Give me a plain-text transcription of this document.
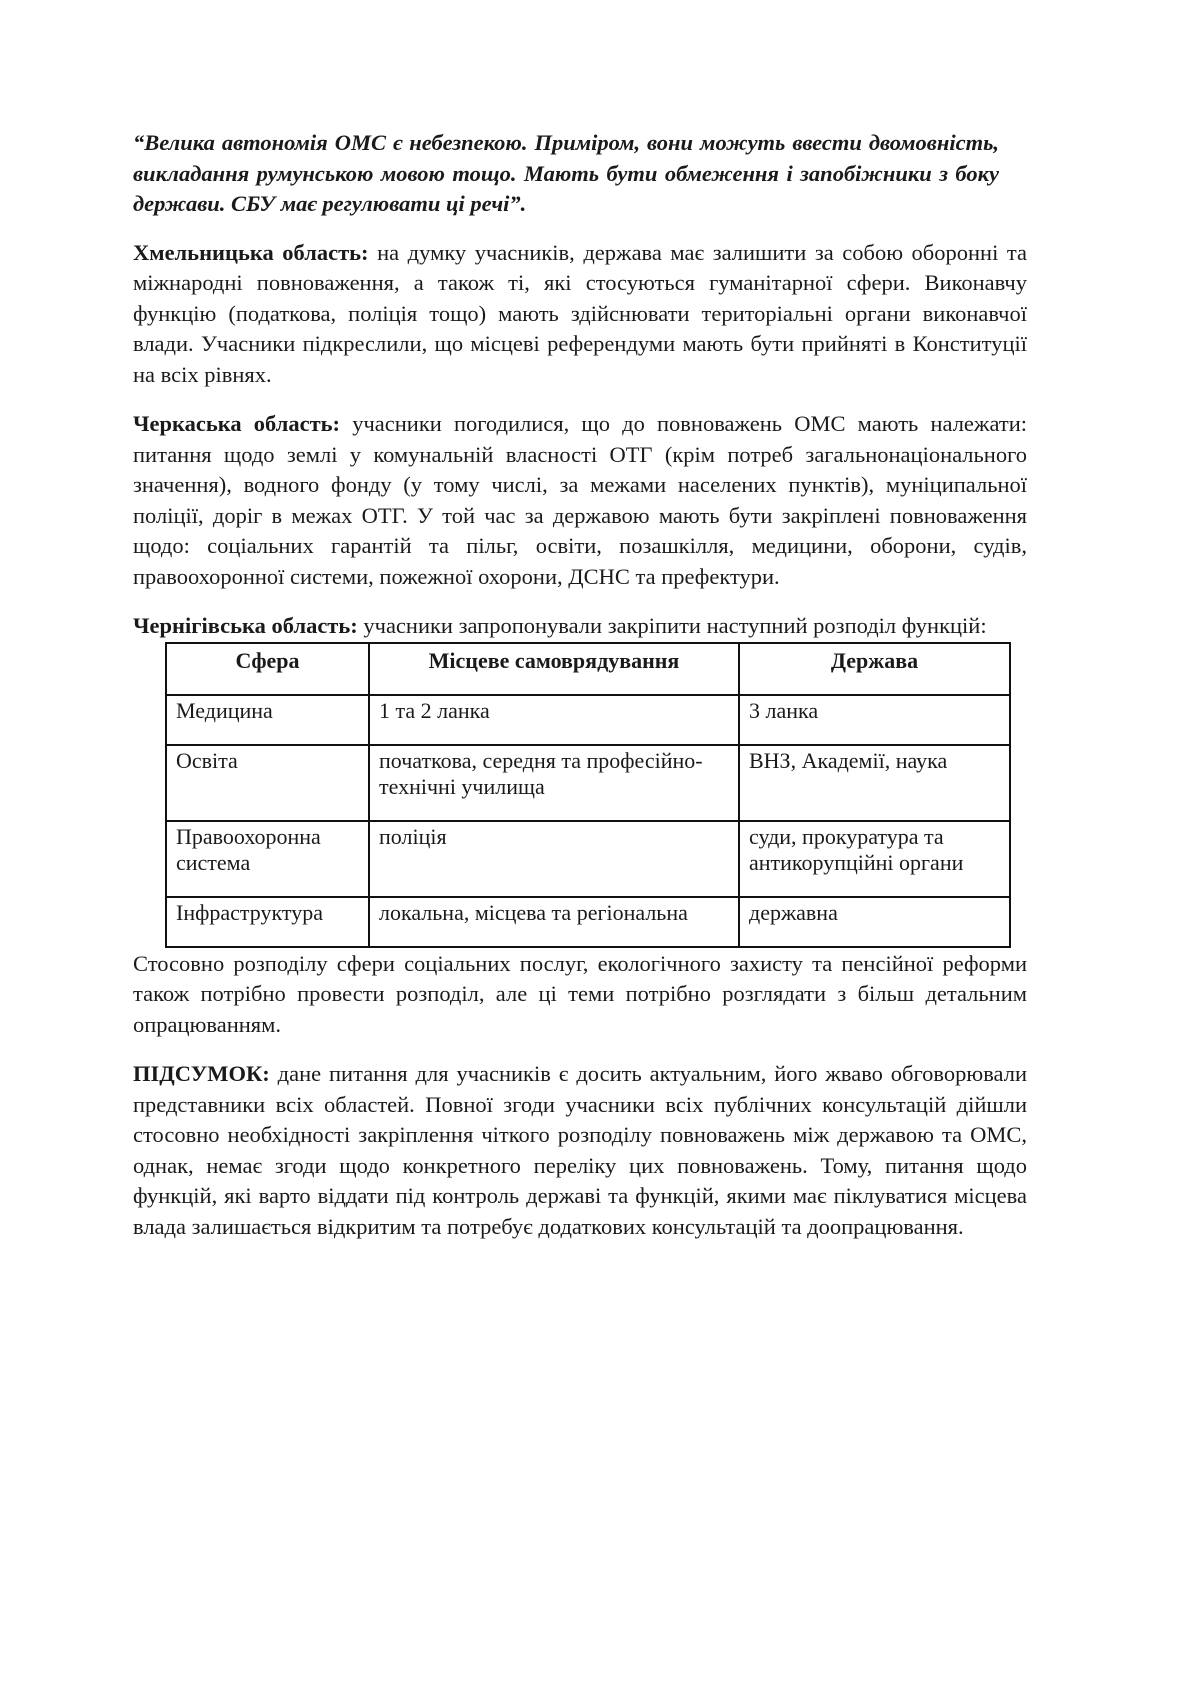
“Велика автономія ОМС є небезпекою. Приміром, вони можуть ввести двомовність, викладання румунською мовою тощо. Мають бути обмеження і запобіжники з боку держави. СБУ має регулювати ці речі”.

Хмельницька область: на думку учасників, держава має залишити за собою оборонні та міжнародні повноваження, а також ті, які стосуються гуманітарної сфери. Виконавчу функцію (податкова, поліція тощо) мають здійснювати територіальні органи виконавчої влади. Учасники підкреслили, що місцеві референдуми мають бути прийняті в Конституції на всіх рівнях.

Черкаська область: учасники погодилися, що до повноважень ОМС мають належати: питання щодо землі у комунальній власності ОТГ (крім потреб загальнонаціонального значення), водного фонду (у тому числі, за межами населених пунктів), муніципальної поліції, доріг в межах ОТГ. У той час за державою мають бути закріплені повноваження щодо: соціальних гарантій та пільг, освіти, позашкілля, медицини, оборони, судів, правоохоронної системи, пожежної охорони, ДСНС та префектури.

Чернігівська область: учасники запропонували закріпити наступний розподіл функцій:

Сфера	Місцеве самоврядування	Держава
Медицина	1 та 2 ланка	3 ланка
Освіта	початкова, середня та професійно-технічні училища	ВНЗ, Академії, наука
Правоохоронна система	поліція	суди, прокуратура та антикорупційні органи
Інфраструктура	локальна, місцева та регіональна	державна

Стосовно розподілу сфери соціальних послуг, екологічного захисту та пенсійної реформи також потрібно провести розподіл, але ці теми потрібно розглядати з більш детальним опрацюванням.

ПІДСУМОК: дане питання для учасників є досить актуальним, його жваво обговорювали представники всіх областей. Повної згоди учасники всіх публічних консультацій дійшли стосовно необхідності закріплення чіткого розподілу повноважень між державою та ОМС, однак, немає згоди щодо конкретного переліку цих повноважень. Тому, питання щодо функцій, які варто віддати під контроль державі та функцій, якими має піклуватися місцева влада залишається відкритим та потребує додаткових консультацій та доопрацювання.
